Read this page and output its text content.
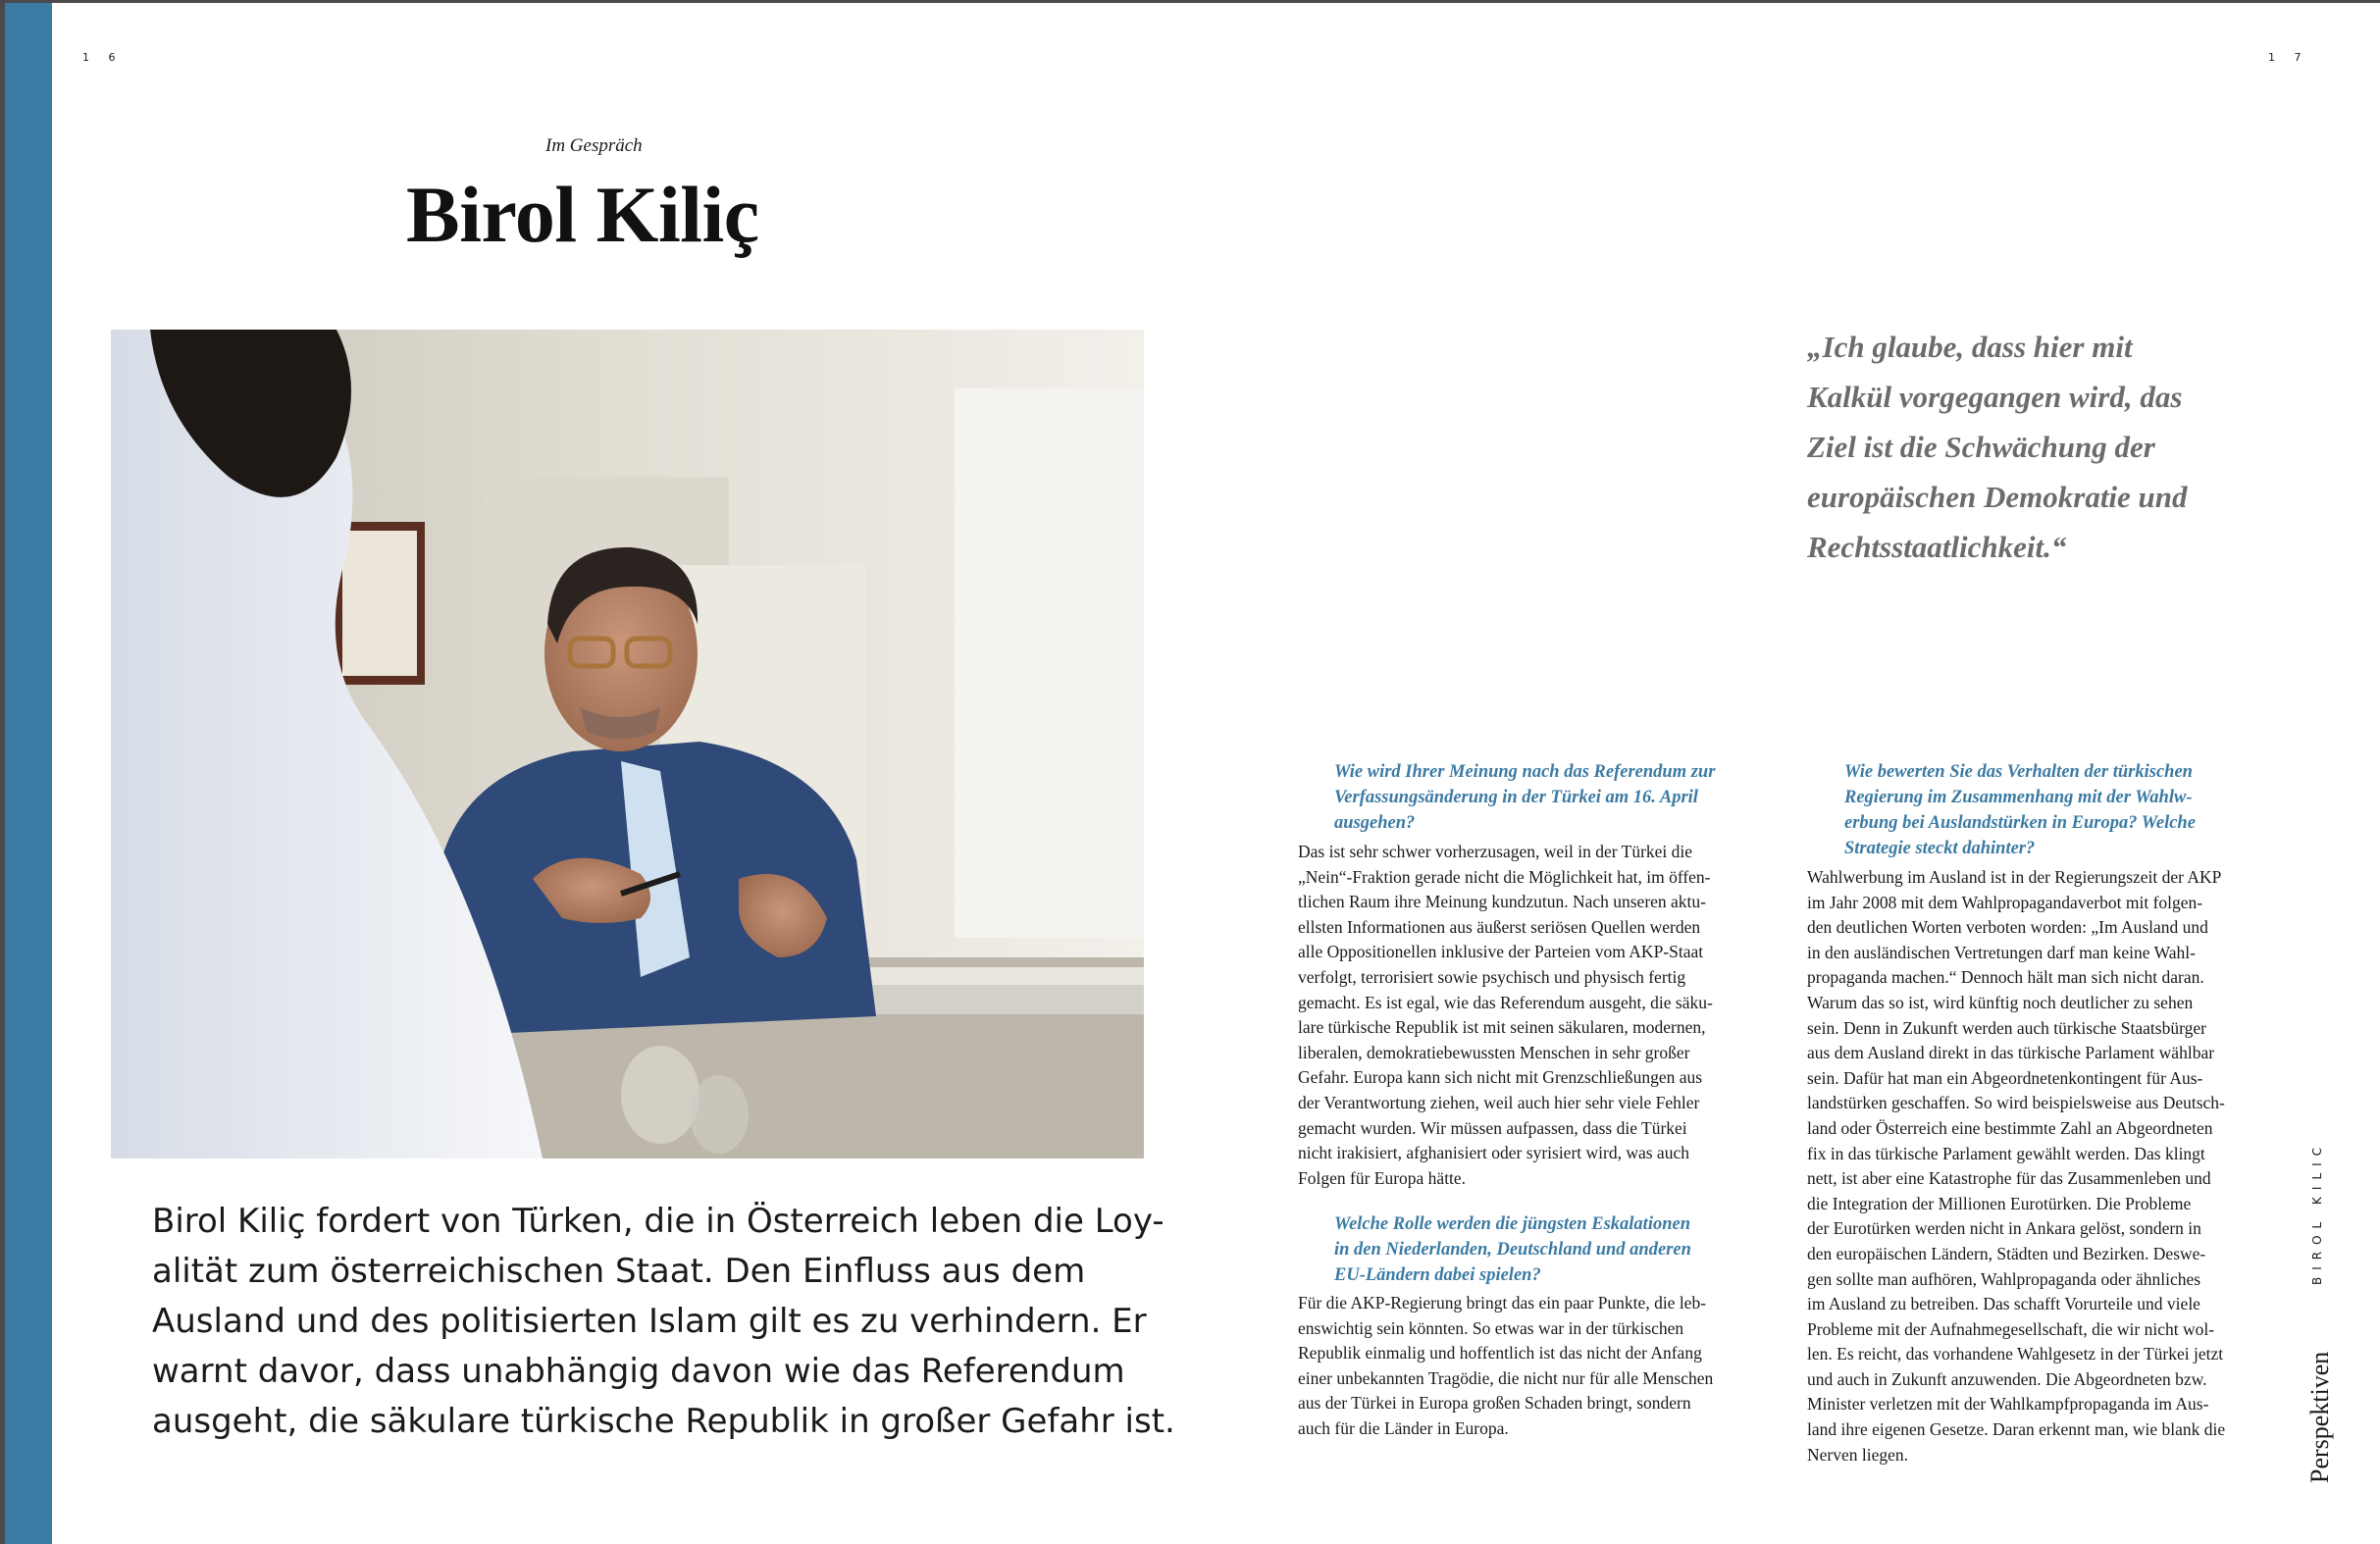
1 6	1 7
Im Gespräch
Birol Kiliç
Birol Kiliç fordert von Türken, die in Österreich leben die Loy-
alität zum österreichischen Staat. Den Einfluss aus dem
Ausland und des politisierten Islam gilt es zu verhindern. Er
warnt davor, dass unabhängig davon wie das Referendum
ausgeht, die säkulare türkische Republik in großer Gefahr ist.
„Ich glaube, dass hier mit
Kalkül vorgegangen wird, das
Ziel ist die Schwächung der
europäischen Demokratie und
Rechtsstaatlichkeit.“
Wie wird Ihrer Meinung nach das Referendum zur
Verfassungsänderung in der Türkei am 16. April
ausgehen?
Das ist sehr schwer vorherzusagen, weil in der Türkei die
„Nein“-Fraktion gerade nicht die Möglichkeit hat, im öffen-
tlichen Raum ihre Meinung kundzutun. Nach unseren aktu-
ellsten Informationen aus äußerst seriösen Quellen werden
alle Oppositionellen inklusive der Parteien vom AKP-Staat
verfolgt, terrorisiert sowie psychisch und physisch fertig
gemacht. Es ist egal, wie das Referendum ausgeht, die säku-
lare türkische Republik ist mit seinen säkularen, modernen,
liberalen, demokratiebewussten Menschen in sehr großer
Gefahr. Europa kann sich nicht mit Grenzschließungen aus
der Verantwortung ziehen, weil auch hier sehr viele Fehler
gemacht wurden. Wir müssen aufpassen, dass die Türkei
nicht irakisiert, afghanisiert oder syrisiert wird, was auch
Folgen für Europa hätte.
Welche Rolle werden die jüngsten Eskalationen
in den Niederlanden, Deutschland und anderen
EU-Ländern dabei spielen?
Für die AKP-Regierung bringt das ein paar Punkte, die leb-
enswichtig sein könnten. So etwas war in der türkischen
Republik einmalig und hoffentlich ist das nicht der Anfang
einer unbekannten Tragödie, die nicht nur für alle Menschen
aus der Türkei in Europa großen Schaden bringt, sondern
auch für die Länder in Europa.
Wie bewerten Sie das Verhalten der türkischen
Regierung im Zusammenhang mit der Wahlw-
erbung bei Auslandstürken in Europa? Welche
Strategie steckt dahinter?
Wahlwerbung im Ausland ist in der Regierungszeit der AKP
im Jahr 2008 mit dem Wahlpropagandaverbot mit folgen-
den deutlichen Worten verboten worden: „Im Ausland und
in den ausländischen Vertretungen darf man keine Wahl-
propaganda machen.“ Dennoch hält man sich nicht daran.
Warum das so ist, wird künftig noch deutlicher zu sehen
sein. Denn in Zukunft werden auch türkische Staatsbürger
aus dem Ausland direkt in das türkische Parlament wählbar
sein. Dafür hat man ein Abgeordnetenkontingent für Aus-
landstürken geschaffen. So wird beispielsweise aus Deutsch-
land oder Österreich eine bestimmte Zahl an Abgeordneten
fix in das türkische Parlament gewählt werden. Das klingt
nett, ist aber eine Katastrophe für das Zusammenleben und
die Integration der Millionen Eurotürken. Die Probleme
der Eurotürken werden nicht in Ankara gelöst, sondern in
den europäischen Ländern, Städten und Bezirken. Deswe-
gen sollte man aufhören, Wahlpropaganda oder ähnliches
im Ausland zu betreiben. Das schafft Vorurteile und viele
Probleme mit der Aufnahmegesellschaft, die wir nicht wol-
len. Es reicht, das vorhandene Wahlgesetz in der Türkei jetzt
und auch in Zukunft anzuwenden. Die Abgeordneten bzw.
Minister verletzen mit der Wahlkampfpropaganda im Aus-
land ihre eigenen Gesetze. Daran erkennt man, wie blank die
Nerven liegen.
BIROL KILIC
Perspektiven
